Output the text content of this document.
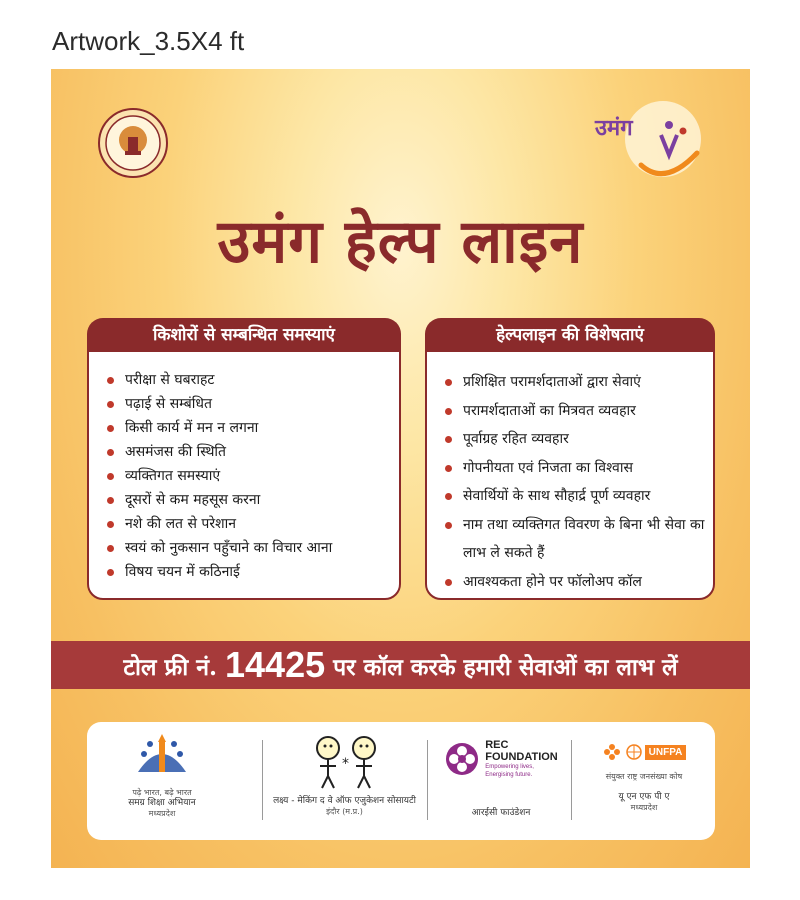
Artwork_3.5X4 ft
उमंग
उमंग हेल्प लाइन
किशोरों से सम्बन्धित समस्याएं
परीक्षा से घबराहट
पढ़ाई से सम्बंधित
किसी कार्य में मन न लगना
असमंजस की स्थिति
व्यक्तिगत समस्याएं
दूसरों से कम महसूस करना
नशे की लत से परेशान
स्वयं को नुकसान पहुँचाने का विचार आना
विषय चयन में कठिनाई
हेल्पलाइन की विशेषताएं
प्रशिक्षित परामर्शदाताओं द्वारा सेवाएं
परामर्शदाताओं का मित्रवत व्यवहार
पूर्वाग्रह रहित व्यवहार
गोपनीयता एवं निजता का विश्वास
सेवार्थियों के साथ सौहार्द्र पूर्ण व्यवहार
नाम तथा व्यक्तिगत विवरण के बिना भी सेवा का लाभ ले सकते हैं
आवश्यकता होने पर फॉलोअप कॉल
टोल फ्री नं. 14425 पर कॉल करके हमारी सेवाओं का लाभ लें
पढ़े भारत, बढ़े भारत
समग्र शिक्षा अभियान
मध्यप्रदेश
*
लक्ष्य - मेकिंग द वे ऑफ एजुकेशन सोसायटी
इंदौर (म.प्र.)
REC
FOUNDATION
Empowering lives, Energising future.
आरईसी फाउंडेशन
UNFPA
संयुक्त राष्ट्र जनसंख्या कोष
यू एन एफ पी ए
मध्यप्रदेश
